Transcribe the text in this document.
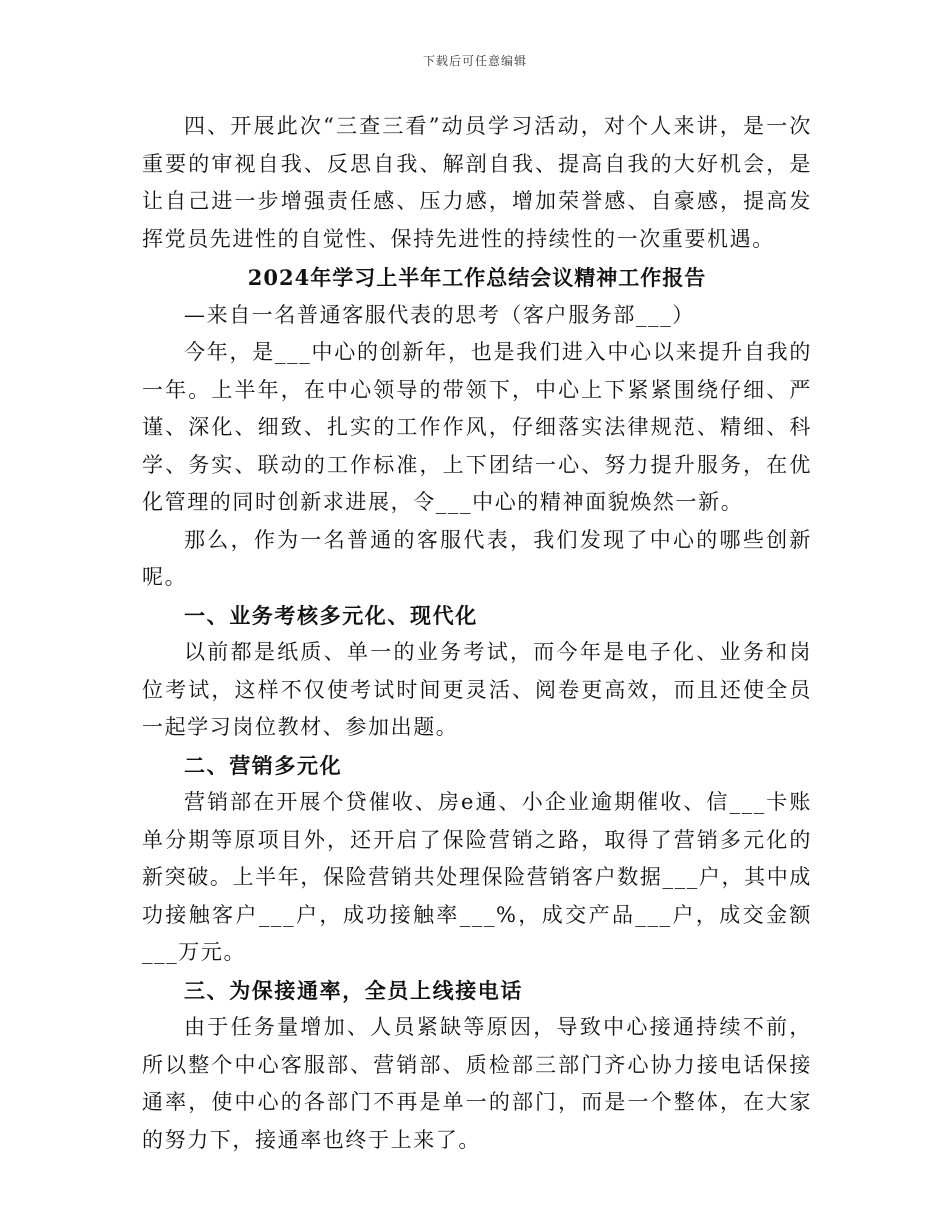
下载后可任意编辑

四、开展此次“三查三看”动员学习活动，对个人来讲，是一次重要的审视自我、反思自我、解剖自我、提高自我的大好机会，是让自己进一步增强责任感、压力感，增加荣誉感、自豪感，提高发挥党员先进性的自觉性、保持先进性的持续性的一次重要机遇。

2024年学习上半年工作总结会议精神工作报告

—来自一名普通客服代表的思考（客户服务部___）

今年，是___中心的创新年，也是我们进入中心以来提升自我的一年。上半年，在中心领导的带领下，中心上下紧紧围绕仔细、严谨、深化、细致、扎实的工作作风，仔细落实法律规范、精细、科学、务实、联动的工作标准，上下团结一心、努力提升服务，在优化管理的同时创新求进展，令___中心的精神面貌焕然一新。

那么，作为一名普通的客服代表，我们发现了中心的哪些创新呢。

一、业务考核多元化、现代化

以前都是纸质、单一的业务考试，而今年是电子化、业务和岗位考试，这样不仅使考试时间更灵活、阅卷更高效，而且还使全员一起学习岗位教材、参加出题。

二、营销多元化

营销部在开展个贷催收、房e通、小企业逾期催收、信___卡账单分期等原项目外，还开启了保险营销之路，取得了营销多元化的新突破。上半年，保险营销共处理保险营销客户数据___户，其中成功接触客户___户，成功接触率___%，成交产品___户，成交金额___万元。

三、为保接通率，全员上线接电话

由于任务量增加、人员紧缺等原因，导致中心接通持续不前，所以整个中心客服部、营销部、质检部三部门齐心协力接电话保接通率，使中心的各部门不再是单一的部门，而是一个整体，在大家的努力下，接通率也终于上来了。
